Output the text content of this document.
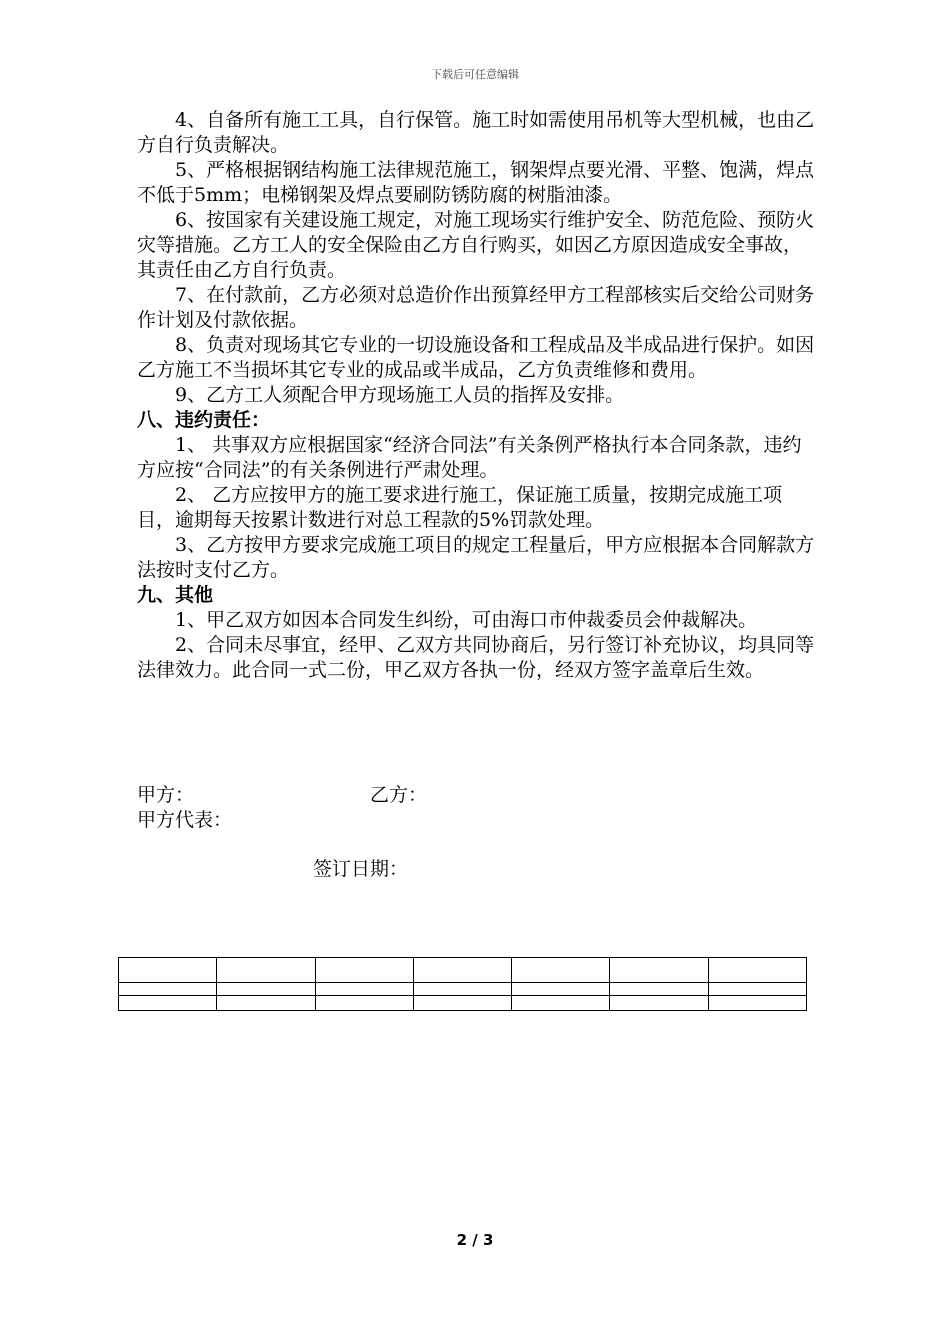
下载后可任意编辑

4、自备所有施工工具，自行保管。施工时如需使用吊机等大型机械，也由乙方自行负责解决。

5、严格根据钢结构施工法律规范施工，钢架焊点要光滑、平整、饱满，焊点不低于5mm；电梯钢架及焊点要刷防锈防腐的树脂油漆。

6、按国家有关建设施工规定，对施工现场实行维护安全、防范危险、预防火灾等措施。乙方工人的安全保险由乙方自行购买，如因乙方原因造成安全事故，其责任由乙方自行负责。

7、在付款前，乙方必须对总造价作出预算经甲方工程部核实后交给公司财务作计划及付款依据。

8、负责对现场其它专业的一切设施设备和工程成品及半成品进行保护。如因乙方施工不当损坏其它专业的成品或半成品，乙方负责维修和费用。

9、乙方工人须配合甲方现场施工人员的指挥及安排。

八、违约责任：

1、 共事双方应根据国家“经济合同法”有关条例严格执行本合同条款，违约方应按“合同法”的有关条例进行严肃处理。

2、 乙方应按甲方的施工要求进行施工，保证施工质量，按期完成施工项目，逾期每天按累计数进行对总工程款的5%罚款处理。

3、乙方按甲方要求完成施工项目的规定工程量后，甲方应根据本合同解款方法按时支付乙方。

九、其他

1、甲乙双方如因本合同发生纠纷，可由海口市仲裁委员会仲裁解决。

2、合同未尽事宜，经甲、乙双方共同协商后，另行签订补充协议，均具同等法律效力。此合同一式二份，甲乙双方各执一份，经双方签字盖章后生效。

甲方：	乙方：
甲方代表：
签订日期：

2 / 3
